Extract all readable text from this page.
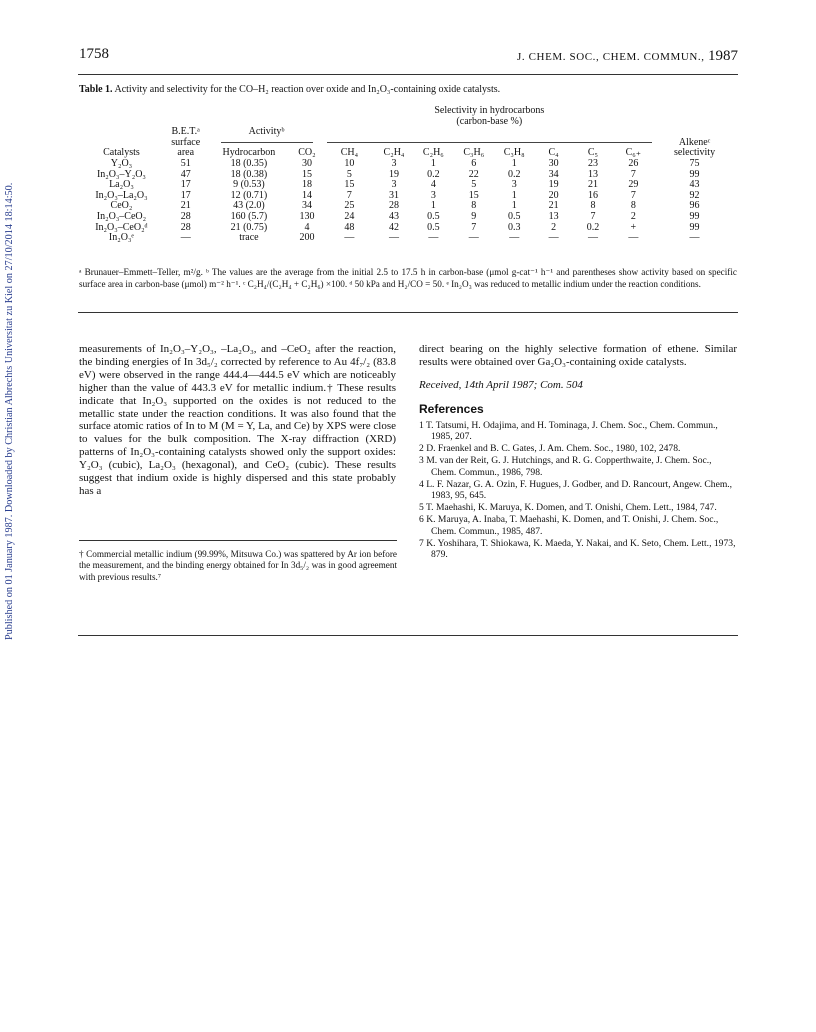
1758	J. CHEM. SOC., CHEM. COMMUN., 1987
Published on 01 January 1987. Downloaded by Christian Albrechts Universitat zu Kiel on 27/10/2014 18:14:50.
Table 1. Activity and selectivity for the CO–H₂ reaction over oxide and In₂O₃-containing oxide catalysts.

				Selectivity in hydrocarbons
(carbon-base %)								

	B.E.T.ᵃ
surface	Activityᵇ										Alkeneᶜ
Catalysts	area	Hydrocarbon	CO₂	CH₄	C₂H₄	C₂H₆	C₃H₆	C₃H₈	C₄	C₅	C₆₊	selectivity
Y₂O₃	51	18 (0.35)	30	10	3	1	6	1	30	23	26	75
In₂O₃–Y₂O₃	47	18 (0.38)	15	5	19	0.2	22	0.2	34	13	7	99
La₂O₃	17	9 (0.53)	18	15	3	4	5	3	19	21	29	43
In₂O₃–La₂O₃	17	12 (0.71)	14	7	31	3	15	1	20	16	7	92
CeO₂	21	43 (2.0)	34	25	28	1	8	1	21	8	8	96
In₂O₃–CeO₂	28	160 (5.7)	130	24	43	0.5	9	0.5	13	7	2	99
In₂O₃–CeO₂ᵈ	28	21 (0.75)	4	48	42	0.5	7	0.3	2	0.2	+	99
In₂O₃ᵉ	—	trace	200	—	—	—	—	—	—	—	—	—
ᵃ Brunauer–Emmett–Teller, m²/g. ᵇ The values are the average from the initial 2.5 to 17.5 h in carbon-base (μmol g-cat⁻¹ h⁻¹ and parentheses show activity based on specific surface area in carbon-base (μmol) m⁻² h⁻¹. ᶜ C₂H₄/(C₂H₄ + C₂H₆) ×100. ᵈ 50 kPa and H₂/CO = 50. ᵉ In₂O₃ was reduced to metallic indium under the reaction conditions.

measurements of In₂O₃–Y₂O₃, –La₂O₃, and –CeO₂ after the reaction, the binding energies of In 3d₅/₂ corrected by reference to Au 4f₇/₂ (83.8 eV) were observed in the range 444.4—444.5 eV which are noticeably higher than the value of 443.3 eV for metallic indium.† These results indicate that In₂O₃ supported on the oxides is not reduced to the metallic state under the reaction conditions. It was also found that the surface atomic ratios of In to M (M = Y, La, and Ce) by XPS were close to values for the bulk composition. The X-ray diffraction (XRD) patterns of In₂O₃-containing catalysts showed only the support oxides: Y₂O₃ (cubic), La₂O₃ (hexagonal), and CeO₂ (cubic). These results suggest that indium oxide is highly dispersed and this state probably has a

† Commercial metallic indium (99.99%, Mitsuwa Co.) was spattered by Ar ion before the measurement, and the binding energy obtained for In 3d₅/₂ was in good agreement with previous results.⁷

direct bearing on the highly selective formation of ethene. Similar results were obtained over Ga₂O₃-containing oxide catalysts.

Received, 14th April 1987; Com. 504

References
1 T. Tatsumi, H. Odajima, and H. Tominaga, J. Chem. Soc., Chem. Commun., 1985, 207.
2 D. Fraenkel and B. C. Gates, J. Am. Chem. Soc., 1980, 102, 2478.
3 M. van der Reit, G. J. Hutchings, and R. G. Copperthwaite, J. Chem. Soc., Chem. Commun., 1986, 798.
4 L. F. Nazar, G. A. Ozin, F. Hugues, J. Godber, and D. Rancourt, Angew. Chem., 1983, 95, 645.
5 T. Maehashi, K. Maruya, K. Domen, and T. Onishi, Chem. Lett., 1984, 747.
6 K. Maruya, A. Inaba, T. Maehashi, K. Domen, and T. Onishi, J. Chem. Soc., Chem. Commun., 1985, 487.
7 K. Yoshihara, T. Shiokawa, K. Maeda, Y. Nakai, and K. Seto, Chem. Lett., 1973, 879.
